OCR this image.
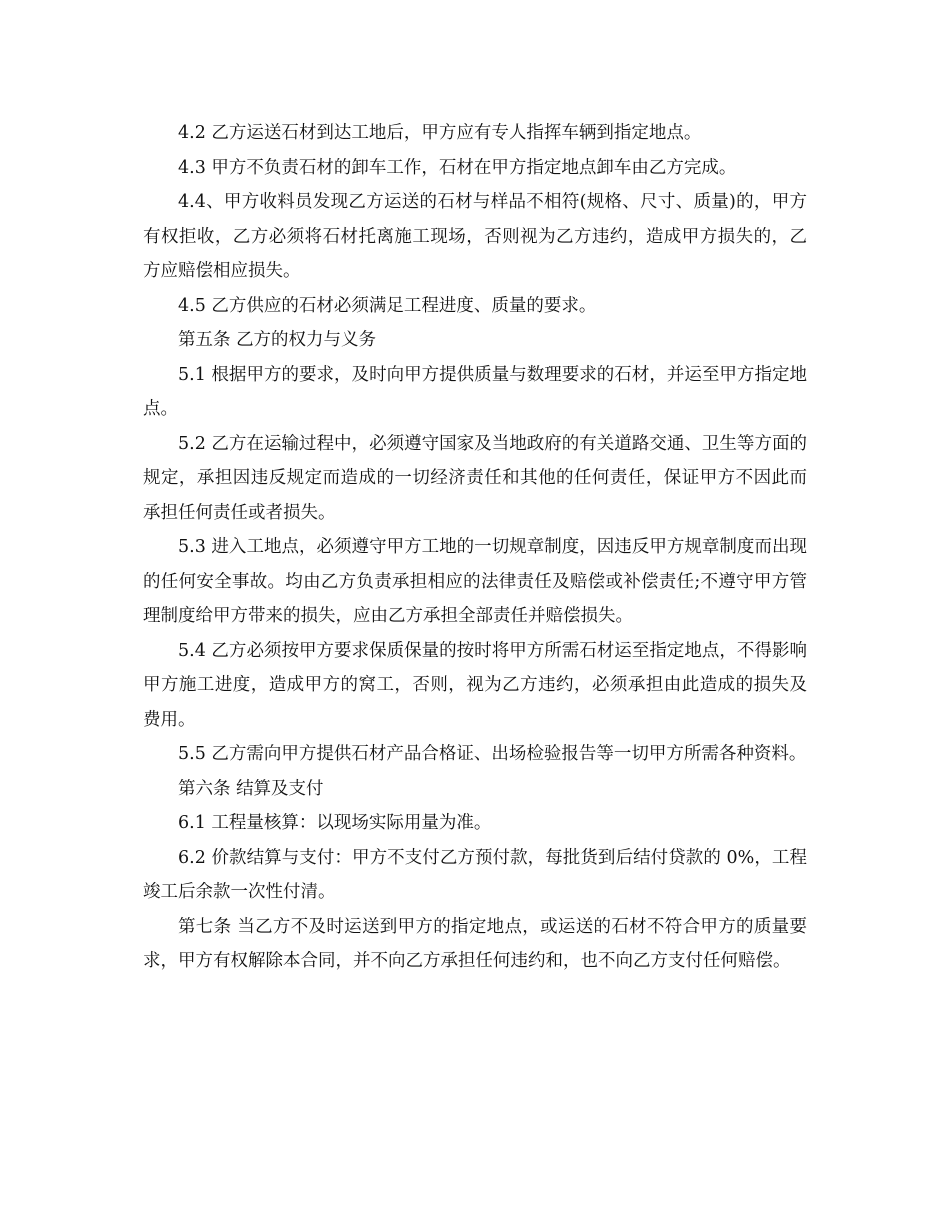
4.2 乙方运送石材到达工地后，甲方应有专人指挥车辆到指定地点。

4.3 甲方不负责石材的卸车工作，石材在甲方指定地点卸车由乙方完成。

4.4、甲方收料员发现乙方运送的石材与样品不相符(规格、尺寸、质量)的，甲方有权拒收，乙方必须将石材托离施工现场，否则视为乙方违约，造成甲方损失的，乙方应赔偿相应损失。

4.5 乙方供应的石材必须满足工程进度、质量的要求。

第五条 乙方的权力与义务

5.1 根据甲方的要求，及时向甲方提供质量与数理要求的石材，并运至甲方指定地点。

5.2 乙方在运输过程中，必须遵守国家及当地政府的有关道路交通、卫生等方面的规定，承担因违反规定而造成的一切经济责任和其他的任何责任，保证甲方不因此而承担任何责任或者损失。

5.3 进入工地点，必须遵守甲方工地的一切规章制度，因违反甲方规章制度而出现的任何安全事故。均由乙方负责承担相应的法律责任及赔偿或补偿责任;不遵守甲方管理制度给甲方带来的损失，应由乙方承担全部责任并赔偿损失。

5.4 乙方必须按甲方要求保质保量的按时将甲方所需石材运至指定地点，不得影响甲方施工进度，造成甲方的窝工，否则，视为乙方违约，必须承担由此造成的损失及费用。

5.5 乙方需向甲方提供石材产品合格证、出场检验报告等一切甲方所需各种资料。

第六条 结算及支付

6.1 工程量核算：以现场实际用量为准。

6.2 价款结算与支付：甲方不支付乙方预付款，每批货到后结付贷款的 0%，工程竣工后余款一次性付清。

第七条 当乙方不及时运送到甲方的指定地点，或运送的石材不符合甲方的质量要求，甲方有权解除本合同，并不向乙方承担任何违约和，也不向乙方支付任何赔偿。
